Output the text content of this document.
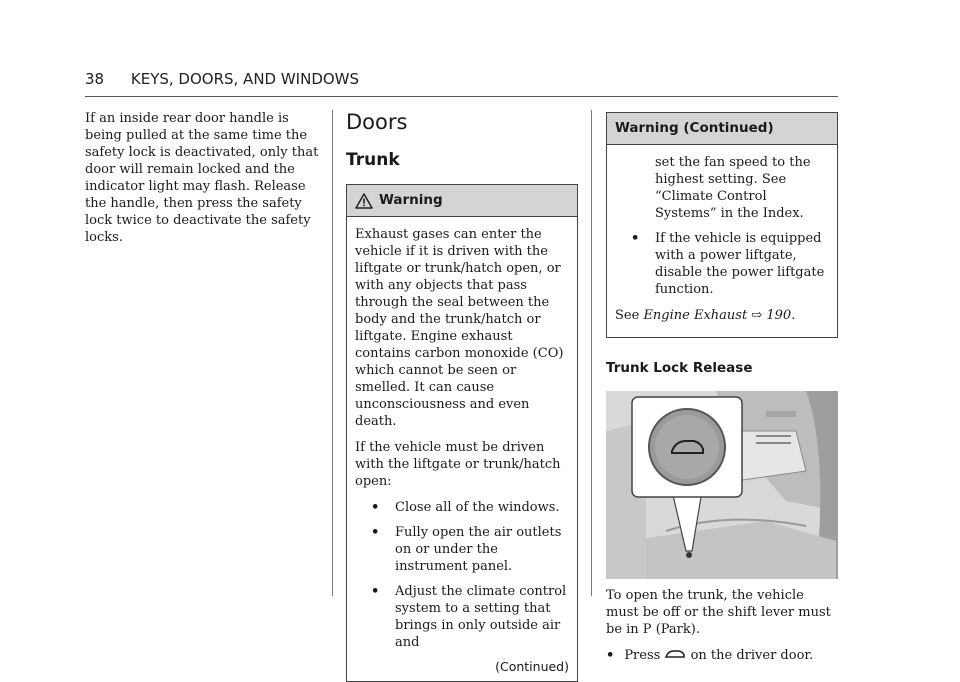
38 KEYS, DOORS, AND WINDOWS

If an inside rear door handle is being pulled at the same time the safety lock is deactivated, only that door will remain locked and the indicator light may flash. Release the handle, then press the safety lock twice to deactivate the safety locks.

Doors
Trunk
Warning

Exhaust gases can enter the vehicle if it is driven with the liftgate or trunk/hatch open, or with any objects that pass through the seal between the body and the trunk/hatch or liftgate. Engine exhaust contains carbon monoxide (CO) which cannot be seen or smelled. It can cause unconsciousness and even death.

If the vehicle must be driven with the liftgate or trunk/hatch open:

• Close all of the windows.
• Fully open the air outlets on or under the instrument panel.
• Adjust the climate control system to a setting that brings in only outside air and
(Continued)
Warning (Continued)
set the fan speed to the highest setting. See “Climate Control Systems” in the Index.
• If the vehicle is equipped with a power liftgate, disable the power liftgate function.

See Engine Exhaust ⇨ 190.

Trunk Lock Release

To open the trunk, the vehicle must be off or the shift lever must be in P (Park).

• Press  on the driver door.
